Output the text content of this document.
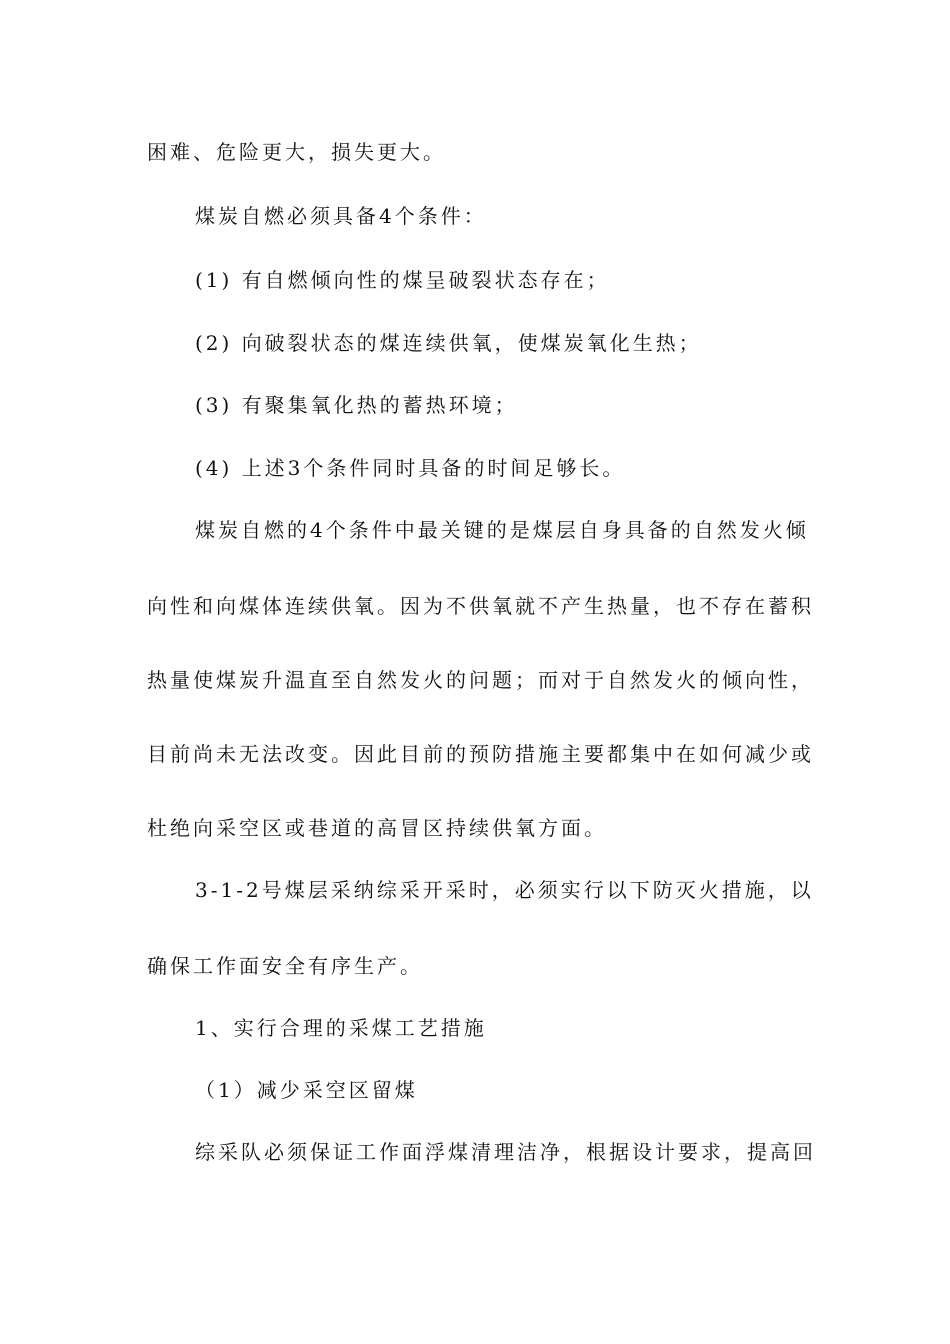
困难、危险更大，损失更大。
煤炭自燃必须具备4个条件：
(1) 有自燃倾向性的煤呈破裂状态存在；
(2) 向破裂状态的煤连续供氧，使煤炭氧化生热；
(3) 有聚集氧化热的蓄热环境；
(4) 上述3个条件同时具备的时间足够长。
煤炭自燃的4个条件中最关键的是煤层自身具备的自然发火倾
向性和向煤体连续供氧。因为不供氧就不产生热量，也不存在蓄积
热量使煤炭升温直至自然发火的问题；而对于自然发火的倾向性，
目前尚未无法改变。因此目前的预防措施主要都集中在如何减少或
杜绝向采空区或巷道的高冒区持续供氧方面。
3-1-2号煤层采纳综采开采时，必须实行以下防灭火措施，以
确保工作面安全有序生产。
1、实行合理的采煤工艺措施
（1）减少采空区留煤
综采队必须保证工作面浮煤清理洁净，根据设计要求，提高回
